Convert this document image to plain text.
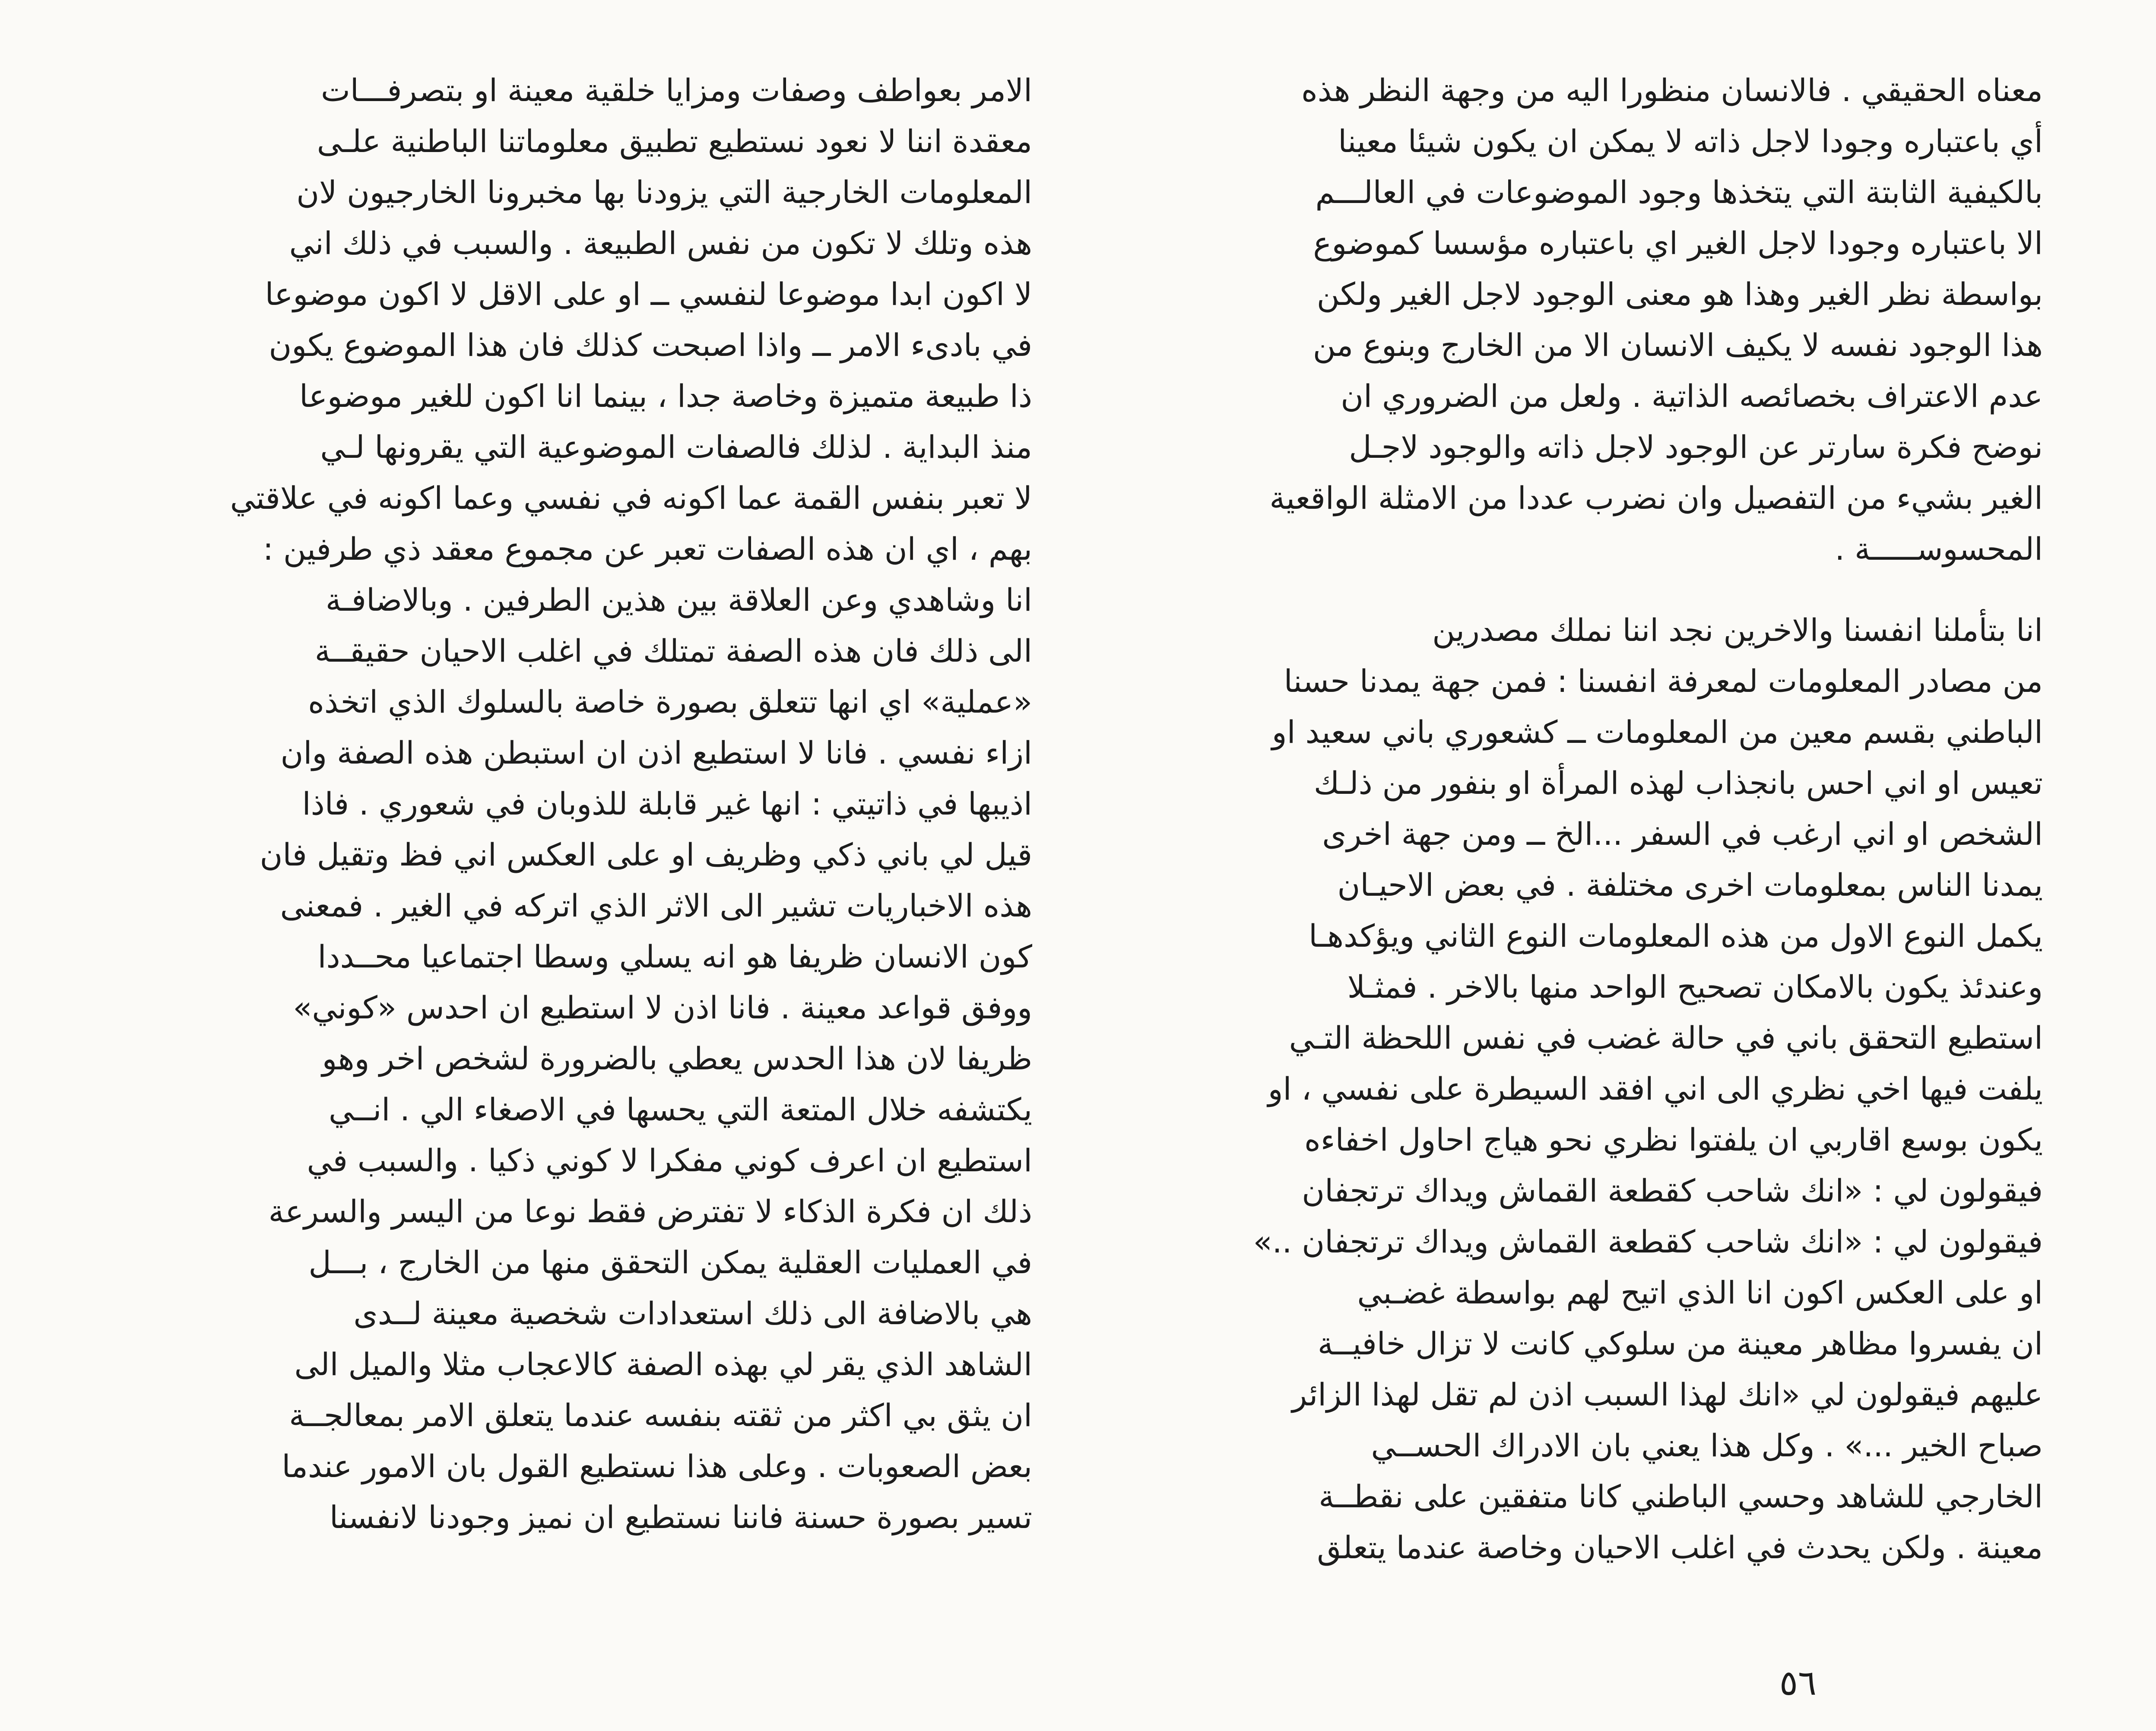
معناه الحقيقي . فالانسان منظورا اليه من وجهة النظر هذه
أي باعتباره وجودا لاجل ذاته لا يمكن ان يكون شيئا معينا
بالكيفية الثابتة التي يتخذها وجود الموضوعات في العالـــم
الا باعتباره وجودا لاجل الغير اي باعتباره مؤسسا كموضوع
بواسطة نظر الغير وهذا هو معنى الوجود لاجل الغير ولكن
هذا الوجود نفسه لا يكيف الانسان الا من الخارج وبنوع من
عدم الاعتراف بخصائصه الذاتية . ولعل من الضروري ان
نوضح فكرة سارتر عن الوجود لاجل ذاته والوجود لاجـل
الغير بشيء من التفصيل وان نضرب عددا من الامثلة الواقعية
المحسوســـــة .
انا بتأملنا انفسنا والاخرين نجد اننا نملك مصدرين
من مصادر المعلومات لمعرفة انفسنا : فمن جهة يمدنا حسنا
الباطني بقسم معين من المعلومات ــ كشعوري باني سعيد او
تعيس او اني احس بانجذاب لهذه المرأة او بنفور من ذلـك
الشخص او اني ارغب في السفر ...الخ ــ ومن جهة اخرى
يمدنا الناس بمعلومات اخرى مختلفة . في بعض الاحيـان
يكمل النوع الاول من هذه المعلومات النوع الثاني ويؤكدهـا
وعندئذ يكون بالامكان تصحيح الواحد منها بالاخر . فمثـلا
استطيع التحقق باني في حالة غضب في نفس اللحظة التـي
يلفت فيها اخي نظري الى اني افقد السيطرة على نفسي ، او
يكون بوسع اقاربي ان يلفتوا نظري نحو هياج احاول اخفاءه
فيقولون لي : «انك شاحب كقطعة القماش ويداك ترتجفان
فيقولون لي : «انك شاحب كقطعة القماش ويداك ترتجفان ..»
او على العكس اكون انا الذي اتيح لهم بواسطة غضـبي
ان يفسروا مظاهر معينة من سلوكي كانت لا تزال خافيــة
عليهم فيقولون لي «انك لهذا السبب اذن لم تقل لهذا الزائر
صباح الخير ...» . وكل هذا يعني بان الادراك الحســي
الخارجي للشاهد وحسي الباطني كانا متفقين على نقطــة
معينة . ولكن يحدث في اغلب الاحيان وخاصة عندما يتعلق
الامر بعواطف وصفات ومزايا خلقية معينة او بتصرفـــات
معقدة اننا لا نعود نستطيع تطبيق معلوماتنا الباطنية علـى
المعلومات الخارجية التي يزودنا بها مخبرونا الخارجيون لان
هذه وتلك لا تكون من نفس الطبيعة . والسبب في ذلك اني
لا اكون ابدا موضوعا لنفسي ــ او على الاقل لا اكون موضوعا
في بادىء الامر ــ واذا اصبحت كذلك فان هذا الموضوع يكون
ذا طبيعة متميزة وخاصة جدا ، بينما انا اكون للغير موضوعا
منذ البداية . لذلك فالصفات الموضوعية التي يقرونها لـي
لا تعبر بنفس القمة عما اكونه في نفسي وعما اكونه في علاقتي
بهم ، اي ان هذه الصفات تعبر عن مجموع معقد ذي طرفين :
انا وشاهدي وعن العلاقة بين هذين الطرفين . وبالاضافـة
الى ذلك فان هذه الصفة تمتلك في اغلب الاحيان حقيقــة
«عملية» اي انها تتعلق بصورة خاصة بالسلوك الذي اتخذه
ازاء نفسي . فانا لا استطيع اذن ان استبطن هذه الصفة وان
اذيبها في ذاتيتي : انها غير قابلة للذوبان في شعوري . فاذا
قيل لي باني ذكي وظريف او على العكس اني فظ وتقيل فان
هذه الاخباريات تشير الى الاثر الذي اتركه في الغير . فمعنى
كون الانسان ظريفا هو انه يسلي وسطا اجتماعيا محــددا
ووفق قواعد معينة . فانا اذن لا استطيع ان احدس «كوني»
ظريفا لان هذا الحدس يعطي بالضرورة لشخص اخر وهو
يكتشفه خلال المتعة التي يحسها في الاصغاء الي . انــي
استطيع ان اعرف كوني مفكرا لا كوني ذكيا . والسبب في
ذلك ان فكرة الذكاء لا تفترض فقط نوعا من اليسر والسرعة
في العمليات العقلية يمكن التحقق منها من الخارج ، بـــل
هي بالاضافة الى ذلك استعدادات شخصية معينة لــدى
الشاهد الذي يقر لي بهذه الصفة كالاعجاب مثلا والميل الى
ان يثق بي اكثر من ثقته بنفسه عندما يتعلق الامر بمعالجــة
بعض الصعوبات . وعلى هذا نستطيع القول بان الامور عندما
تسير بصورة حسنة فاننا نستطيع ان نميز وجودنا لانفسنا
٥٦
